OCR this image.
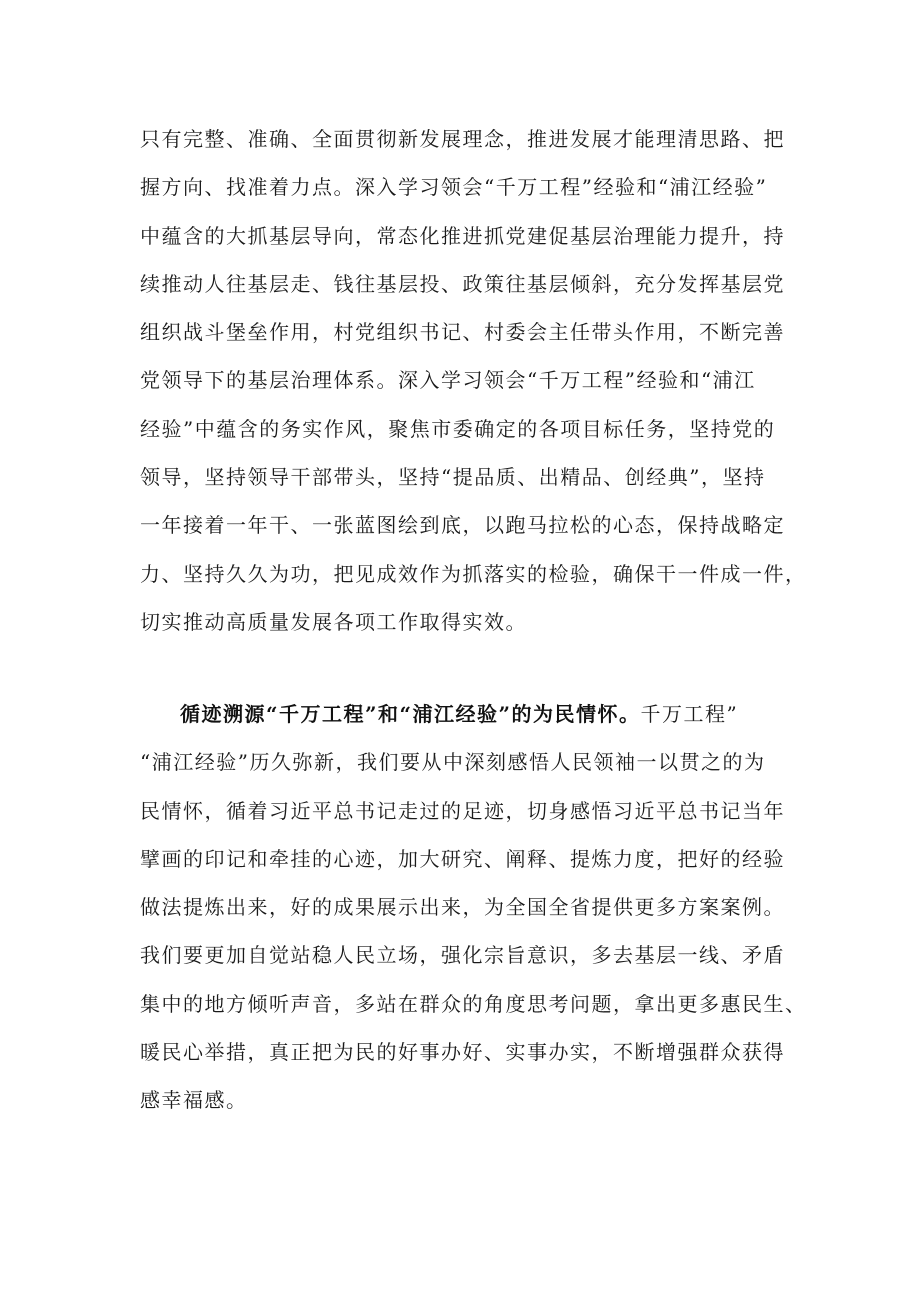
只有完整、准确、全面贯彻新发展理念，推进发展才能理清思路、把
握方向、找准着力点。深入学习领会“千万工程”经验和“浦江经验”
中蕴含的大抓基层导向，常态化推进抓党建促基层治理能力提升，持
续推动人往基层走、钱往基层投、政策往基层倾斜，充分发挥基层党
组织战斗堡垒作用，村党组织书记、村委会主任带头作用，不断完善
党领导下的基层治理体系。深入学习领会“千万工程”经验和“浦江
经验”中蕴含的务实作风，聚焦市委确定的各项目标任务，坚持党的
领导，坚持领导干部带头，坚持“提品质、出精品、创经典”，坚持
一年接着一年干、一张蓝图绘到底，以跑马拉松的心态，保持战略定
力、坚持久久为功，把见成效作为抓落实的检验，确保干一件成一件，
切实推动高质量发展各项工作取得实效。
循迹溯源“千万工程”和“浦江经验”的为民情怀。千万工程”
“浦江经验”历久弥新，我们要从中深刻感悟人民领袖一以贯之的为
民情怀，循着习近平总书记走过的足迹，切身感悟习近平总书记当年
擘画的印记和牵挂的心迹，加大研究、阐释、提炼力度，把好的经验
做法提炼出来，好的成果展示出来，为全国全省提供更多方案案例。
我们要更加自觉站稳人民立场，强化宗旨意识，多去基层一线、矛盾
集中的地方倾听声音，多站在群众的角度思考问题，拿出更多惠民生、
暖民心举措，真正把为民的好事办好、实事办实，不断增强群众获得
感幸福感。
